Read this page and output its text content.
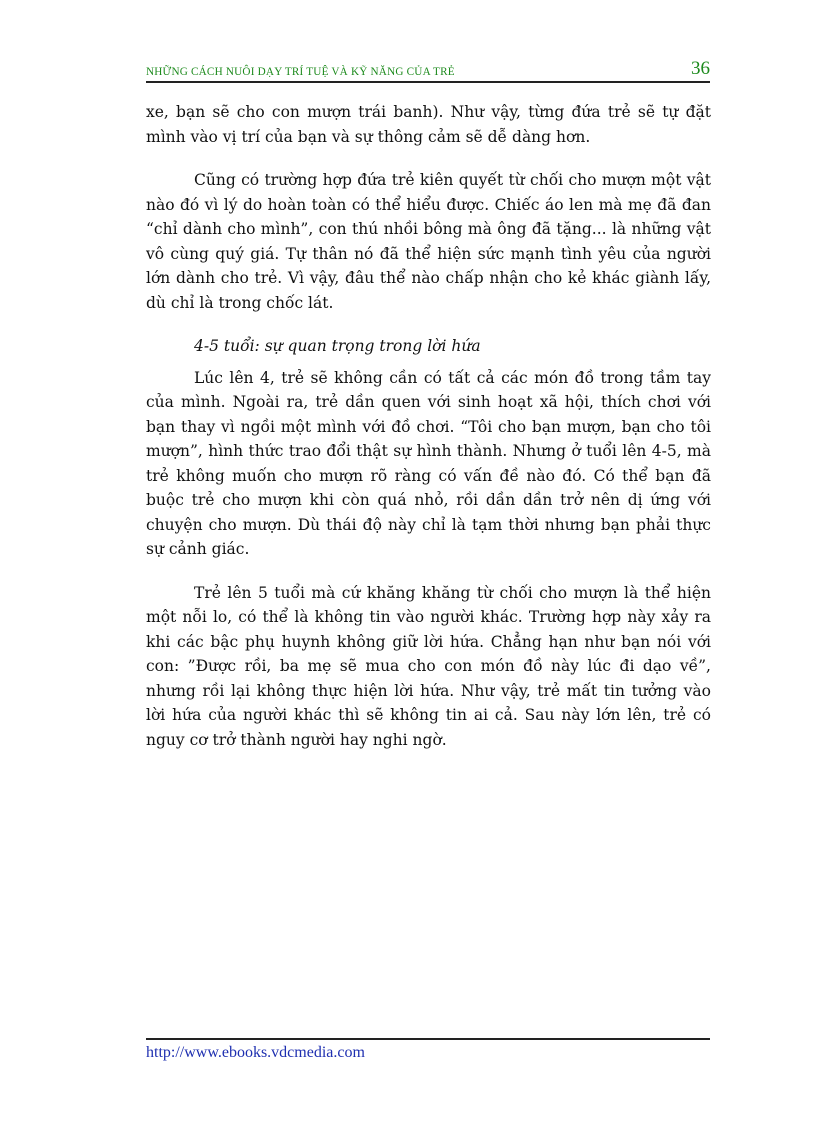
NHỮNG CÁCH NUÔI DẠY TRÍ TUỆ VÀ KỸ NĂNG CỦA TRẺ	36

xe, bạn sẽ cho con mượn trái banh). Như vậy, từng đứa trẻ sẽ tự đặt mình vào vị trí của bạn và sự thông cảm sẽ dễ dàng hơn.

Cũng có trường hợp đứa trẻ kiên quyết từ chối cho mượn một vật nào đó vì lý do hoàn toàn có thể hiểu được. Chiếc áo len mà mẹ đã đan “chỉ dành cho mình”, con thú nhồi bông mà ông đã tặng... là những vật vô cùng quý giá. Tự thân nó đã thể hiện sức mạnh tình yêu của người lớn dành cho trẻ. Vì vậy, đâu thể nào chấp nhận cho kẻ khác giành lấy, dù chỉ là trong chốc lát.

4-5 tuổi: sự quan trọng trong lời hứa

Lúc lên 4, trẻ sẽ không cần có tất cả các món đồ trong tầm tay của mình. Ngoài ra, trẻ dần quen với sinh hoạt xã hội, thích chơi với bạn thay vì ngồi một mình với đồ chơi. “Tôi cho bạn mượn, bạn cho tôi mượn”, hình thức trao đổi thật sự hình thành. Nhưng ở tuổi lên 4-5, mà trẻ không muốn cho mượn rõ ràng có vấn đề nào đó. Có thể bạn đã buộc trẻ cho mượn khi còn quá nhỏ, rồi dần dần trở nên dị ứng với chuyện cho mượn. Dù thái độ này chỉ là tạm thời nhưng bạn phải thực sự cảnh giác.

Trẻ lên 5 tuổi mà cứ khăng khăng từ chối cho mượn là thể hiện một nỗi lo, có thể là không tin vào người khác. Trường hợp này xảy ra khi các bậc phụ huynh không giữ lời hứa. Chẳng hạn như bạn nói với con: ”Được rồi, ba mẹ sẽ mua cho con món đồ này lúc đi dạo về”, nhưng rồi lại không thực hiện lời hứa. Như vậy, trẻ mất tin tưởng vào lời hứa của người khác thì sẽ không tin ai cả. Sau này lớn lên, trẻ có nguy cơ trở thành người hay nghi ngờ.

http://www.ebooks.vdcmedia.com
